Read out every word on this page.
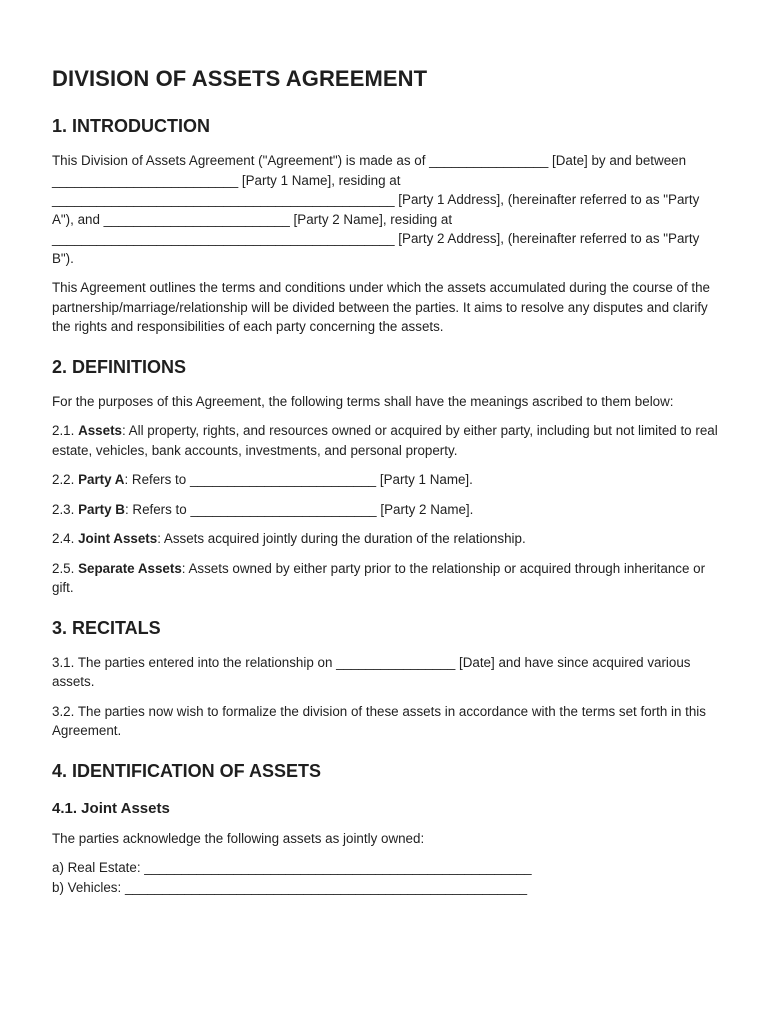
DIVISION OF ASSETS AGREEMENT
1. INTRODUCTION

This Division of Assets Agreement ("Agreement") is made as of ________________ [Date] by and between _________________________ [Party 1 Name], residing at ______________________________________________ [Party 1 Address], (hereinafter referred to as "Party A"), and _________________________ [Party 2 Name], residing at ______________________________________________ [Party 2 Address], (hereinafter referred to as "Party B").

This Agreement outlines the terms and conditions under which the assets accumulated during the course of the partnership/marriage/relationship will be divided between the parties. It aims to resolve any disputes and clarify the rights and responsibilities of each party concerning the assets.

2. DEFINITIONS

For the purposes of this Agreement, the following terms shall have the meanings ascribed to them below:

2.1. Assets: All property, rights, and resources owned or acquired by either party, including but not limited to real estate, vehicles, bank accounts, investments, and personal property.

2.2. Party A: Refers to _________________________ [Party 1 Name].

2.3. Party B: Refers to _________________________ [Party 2 Name].

2.4. Joint Assets: Assets acquired jointly during the duration of the relationship.

2.5. Separate Assets: Assets owned by either party prior to the relationship or acquired through inheritance or gift.

3. RECITALS

3.1. The parties entered into the relationship on ________________ [Date] and have since acquired various assets.

3.2. The parties now wish to formalize the division of these assets in accordance with the terms set forth in this Agreement.

4. IDENTIFICATION OF ASSETS
4.1. Joint Assets

The parties acknowledge the following assets as jointly owned:

a) Real Estate: ____________________________________________________

b) Vehicles: ______________________________________________________
